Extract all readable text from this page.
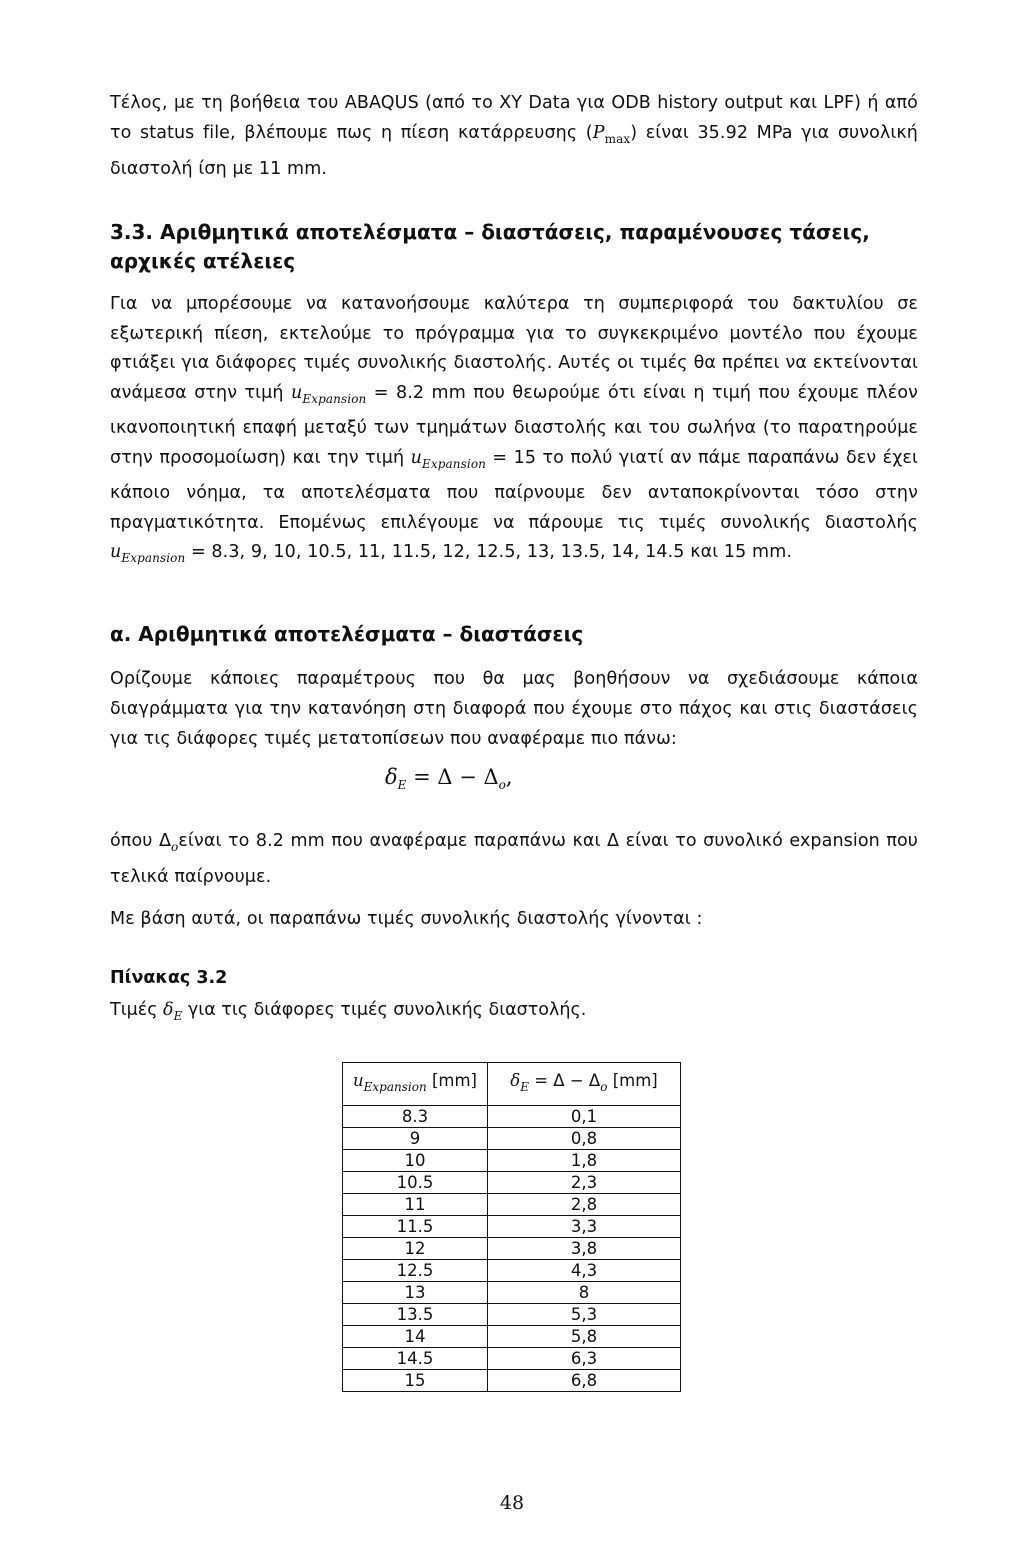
Τέλος, με τη βοήθεια του ABAQUS (από το XY Data για ODB history output και LPF) ή από το status file, βλέπουμε πως η πίεση κατάρρευσης $(P_{max})$ είναι 35.92 MPa για συνολική διαστολή ίση με 11 mm.

3.3. Αριθμητικά αποτελέσματα – διαστάσεις, παραμένουσες τάσεις, αρχικές ατέλειες

Για να μπορέσουμε να κατανοήσουμε καλύτερα τη συμπεριφορά του δακτυλίου σε εξωτερική πίεση, εκτελούμε το πρόγραμμα για το συγκεκριμένο μοντέλο που έχουμε φτιάξει για διάφορες τιμές συνολικής διαστολής. Αυτές οι τιμές θα πρέπει να εκτείνονται ανάμεσα στην τιμή $u_{Expansion} = 8.2$ mm που θεωρούμε ότι είναι η τιμή που έχουμε πλέον ικανοποιητική επαφή μεταξύ των τμημάτων διαστολής και του σωλήνα (το παρατηρούμε στην προσομοίωση) και την τιμή $u_{Expansion} = 15$ το πολύ γιατί αν πάμε παραπάνω δεν έχει κάποιο νόημα, τα αποτελέσματα που παίρνουμε δεν ανταποκρίνονται τόσο στην πραγματικότητα. Επομένως επιλέγουμε να πάρουμε τις τιμές συνολικής διαστολής $u_{Expansion} = 8.3$, 9, 10, 10.5, 11, 11.5, 12, 12.5, 13, 13.5, 14, 14.5 και 15 mm.

α. Αριθμητικά αποτελέσματα – διαστάσεις

Ορίζουμε κάποιες παραμέτρους που θα μας βοηθήσουν να σχεδιάσουμε κάποια διαγράμματα για την κατανόηση στη διαφορά που έχουμε στο πάχος και στις διαστάσεις για τις διάφορες τιμές μετατοπίσεων που αναφέραμε πιο πάνω:

$\delta_E = \Delta - \Delta_o$,

όπου $\Delta_o\varepsilon ί\nu\alpha\iota$ το 8.2 mm που αναφέραμε παραπάνω και Δ είναι το συνολικό expansion που τελικά παίρνουμε.

Με βάση αυτά, οι παραπάνω τιμές συνολικής διαστολής γίνονται :

Πίνακας 3.2
Τιμές $\delta_E$ για τις διάφορες τιμές συνολικής διαστολής.
$u_{Expansion}$ [mm]	$\delta_E = \Delta - \Delta_o$ [mm]
8.3	0,1
9	0,8
10	1,8
10.5	2,3
11	2,8
11.5	3,3
12	3,8
12.5	4,3
13	8
13.5	5,3
14	5,8
14.5	6,3
15	6,8
48
